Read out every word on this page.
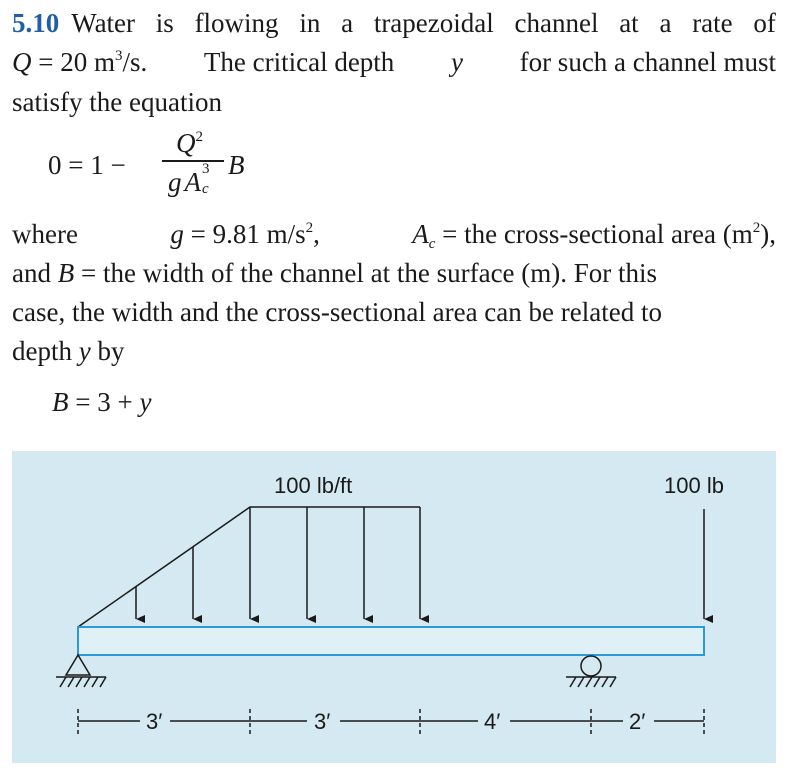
5.10 Water is flowing in a trapezoidal channel at a rate of
Q = 20 $m^3/s$. The critical depth y for such a channel must
satisfy the equation
0 = 1 −
$Q^2$
g A 3
c
B
where	g = 9.81 $m/s^2$,	$A_c$ = the cross-sectional area $(m^2)$,
and B = the width of the channel at the surface (m). For this
case, the width and the cross-sectional area can be related to
depth y by
B = 3 + y
100 lb/ft	100 lb
3′	3′	4′	2′
